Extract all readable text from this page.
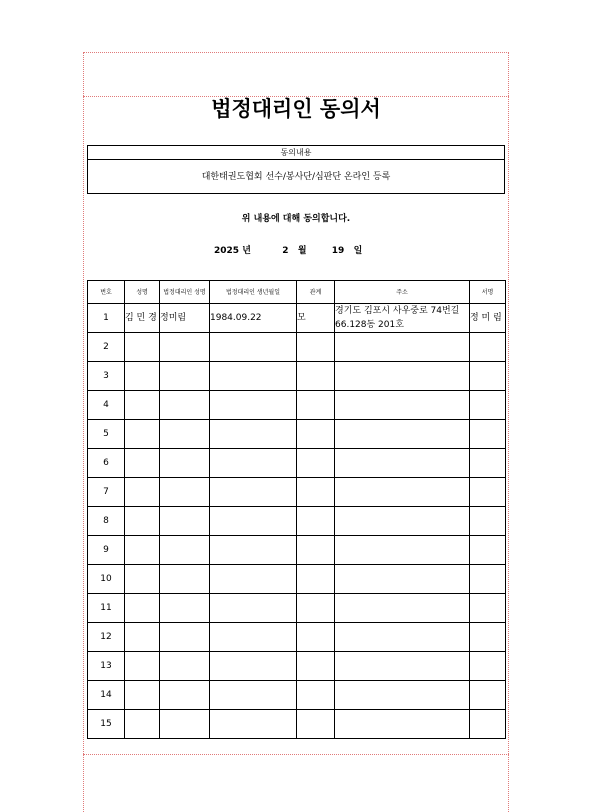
법정대리인 동의서
동의내용
대한태권도협회 선수/봉사단/심판단 온라인 등록
위 내용에 대해 동의합니다.
2025 년	2 월	19 일
번호	성명	법정대리인 성명	법정대리인 생년월일	관계	주소	서명
1	김 민 경	정미림	1984.09.22	모	경기도 김포시 사우중로 74번길 66.128동 201호	정 미 림
2						
3						
4						
5						
6						
7						
8						
9						
10						
11						
12						
13						
14						
15						
